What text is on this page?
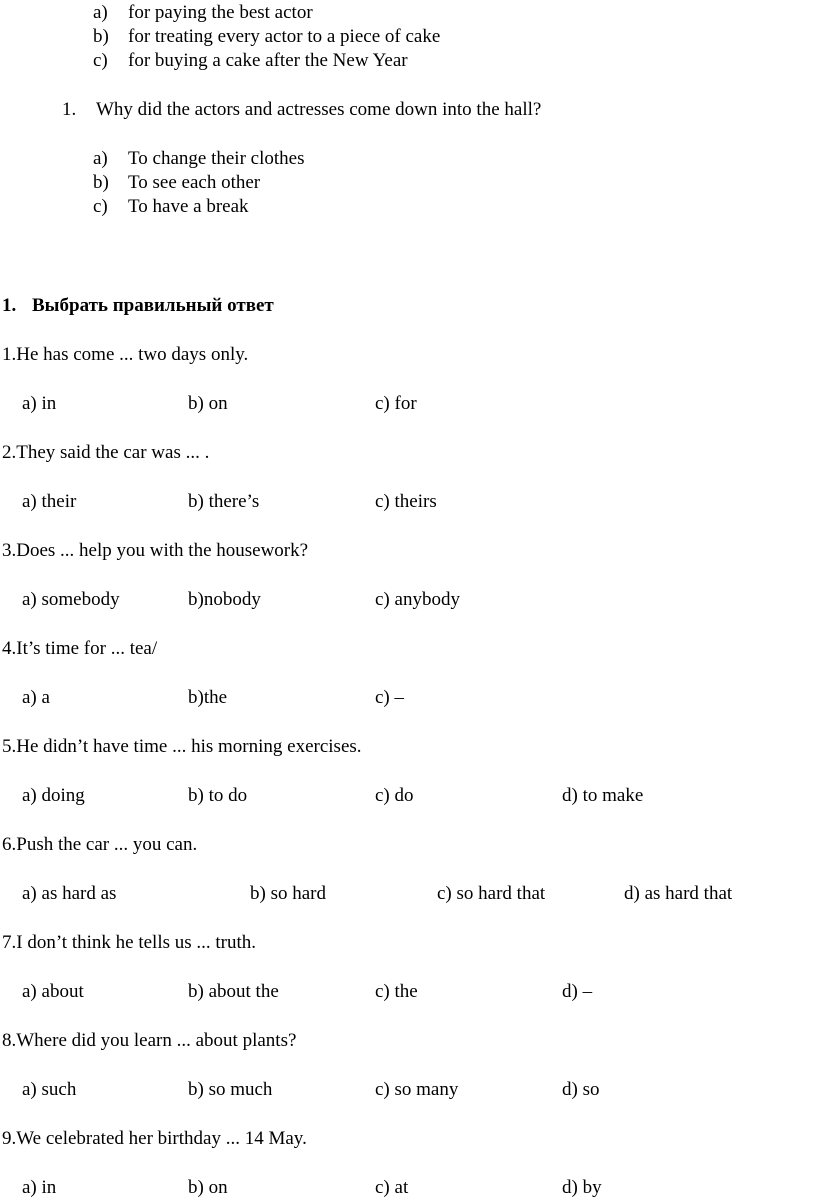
a) for paying the best actor
b) for treating every actor to a piece of cake
c) for buying a cake after the New Year
1. Why did the actors and actresses come down into the hall?
a) To change their clothes
b) To see each other
c) To have a break
1. Выбрать правильный ответ
1.He has come ... two days only.
a) in	b) on	c) for
2.They said the car was ... .
a) their	b) there’s	c) theirs
3.Does ... help you with the housework?
a) somebody	b)nobody	c) anybody
4.It’s time for ... tea/
a) a	b)the	c) –
5.He didn’t have time ... his morning exercises.
a) doing	b) to do	c) do	d) to make
6.Push the car ... you can.
a) as hard as	b) so hard	c) so hard that	d) as hard that
7.I don’t think he tells us ... truth.
a) about	b) about the	c) the	d) –
8.Where did you learn ... about plants?
a) such	b) so much	c) so many	d) so
9.We celebrated her birthday ... 14 May.
a) in	b) on	c) at	d) by
